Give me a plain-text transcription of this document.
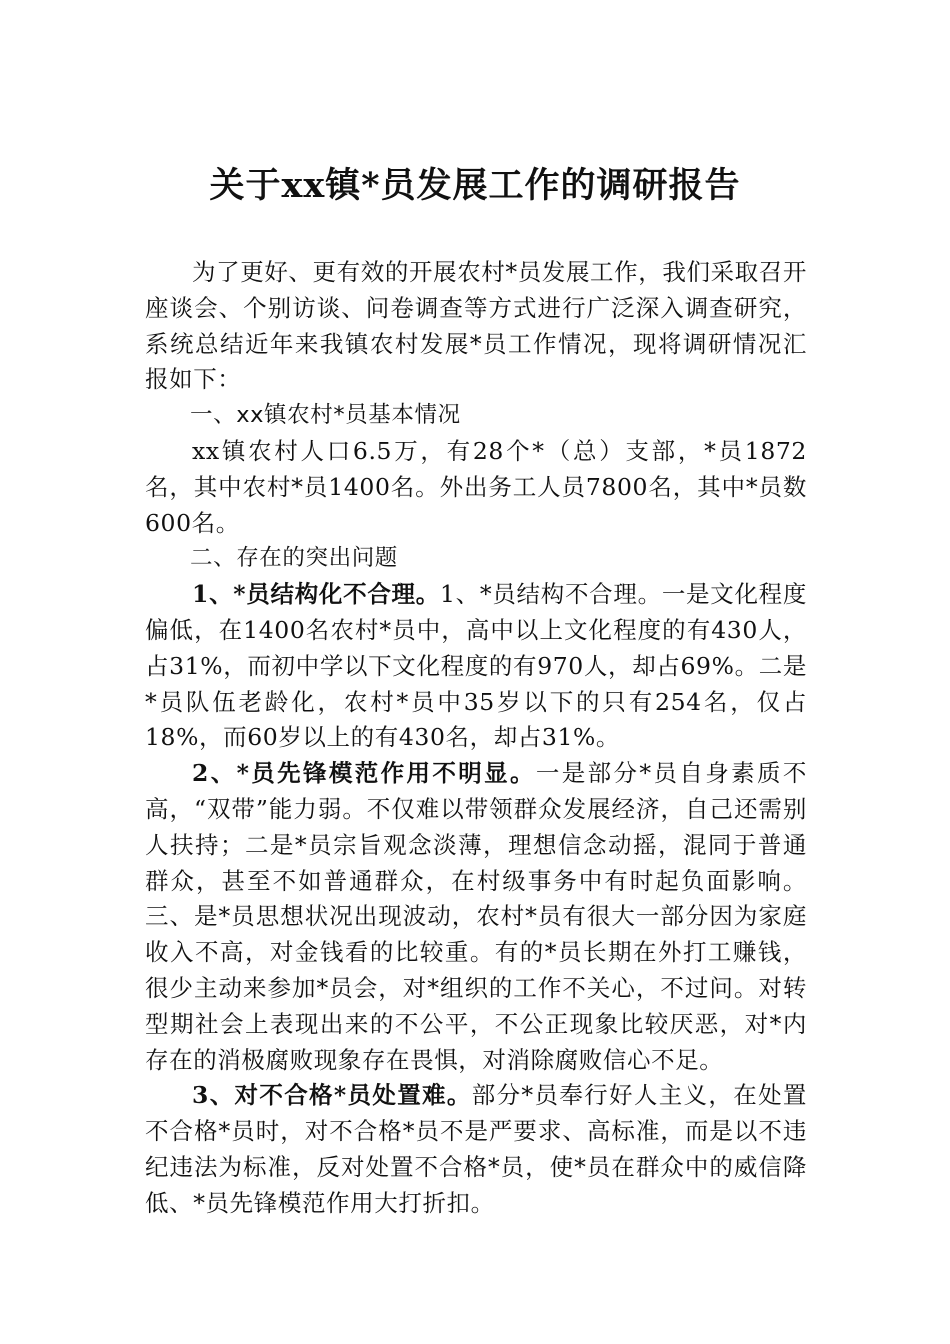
关于xx镇*员发展工作的调研报告

为了更好、更有效的开展农村*员发展工作，我们采取召开座谈会、个别访谈、问卷调查等方式进行广泛深入调查研究，系统总结近年来我镇农村发展*员工作情况，现将调研情况汇报如下：

一、xx镇农村*员基本情况

xx镇农村人口6.5万，有28个*（总）支部，*员1872名，其中农村*员1400名。外出务工人员7800名，其中*员数600名。

二、存在的突出问题

1、*员结构化不合理。1、*员结构不合理。一是文化程度偏低，在1400名农村*员中，高中以上文化程度的有430人，占31%，而初中学以下文化程度的有970人，却占69%。二是*员队伍老龄化，农村*员中35岁以下的只有254名，仅占18%，而60岁以上的有430名，却占31%。

2、*员先锋模范作用不明显。一是部分*员自身素质不高，“双带”能力弱。不仅难以带领群众发展经济，自己还需别人扶持；二是*员宗旨观念淡薄，理想信念动摇，混同于普通群众，甚至不如普通群众，在村级事务中有时起负面影响。三、是*员思想状况出现波动，农村*员有很大一部分因为家庭收入不高，对金钱看的比较重。有的*员长期在外打工赚钱，很少主动来参加*员会，对*组织的工作不关心，不过问。对转型期社会上表现出来的不公平，不公正现象比较厌恶，对*内存在的消极腐败现象存在畏惧，对消除腐败信心不足。

3、对不合格*员处置难。部分*员奉行好人主义，在处置不合格*员时，对不合格*员不是严要求、高标准，而是以不违纪违法为标准，反对处置不合格*员，使*员在群众中的威信降低、*员先锋模范作用大打折扣。
